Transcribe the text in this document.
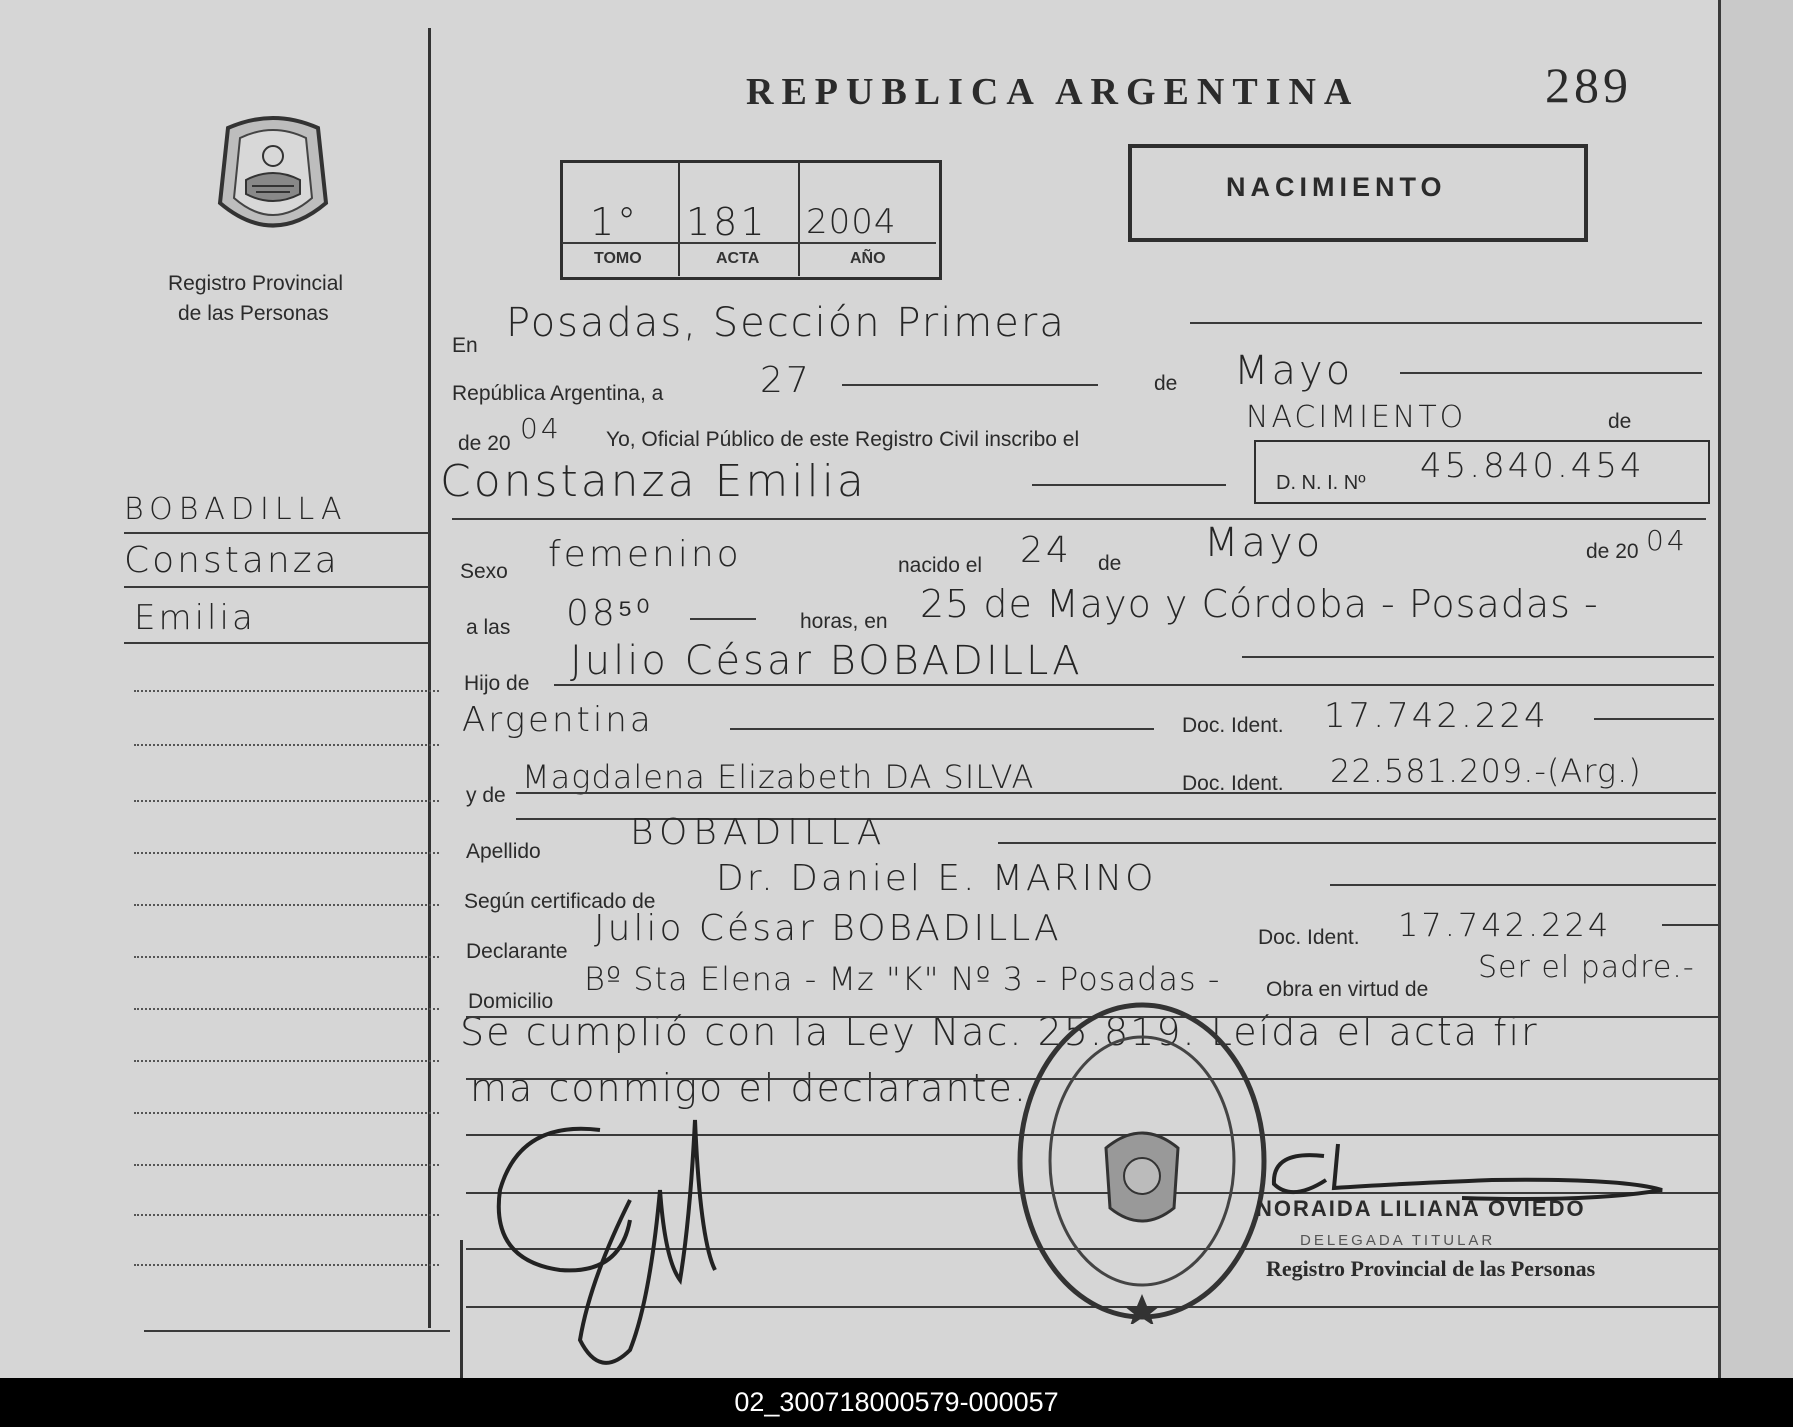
Registro Provincial
de las Personas
REPUBLICA ARGENTINA	289
1° 181 2004
TOMO	ACTA	AÑO
NACIMIENTO
BOBADILLA
Constanza
Emilia
En Posadas, Sección Primera
República Argentina, a	27	de Mayo
de 20 04 Yo, Oficial Público de este Registro Civil inscribo el
NACIMIENTO	de
Constanza Emilia	D. N. I. Nº 45.840.454
Sexo femenino	nacido el 24 de Mayo	de 20 04
a las 08⁵⁰	horas, en 25 de Mayo y Córdoba - Posadas -
Hijo de Julio César BOBADILLA
Argentina	Doc. Ident. 17.742.224
y de Magdalena Elizabeth DA SILVA	Doc. Ident. 22.581.209.-(Arg.)
Apellido BOBADILLA
Según certificado de
Dr. Daniel E. MARINO
Declarante
Julio César BOBADILLA	Doc. Ident. 17.742.224
Domicilio
Bº Sta Elena - Mz "K" Nº 3 - Posadas - Obra en virtud de
Ser el padre.-
Se cumplió con la Ley Nac. 25.819. Leída el acta fir
ma conmigo el declarante.
NORAIDA LILIANA OVIEDO
DELEGADA TITULAR
Registro Provincial de las Personas
02_300718000579-000057
